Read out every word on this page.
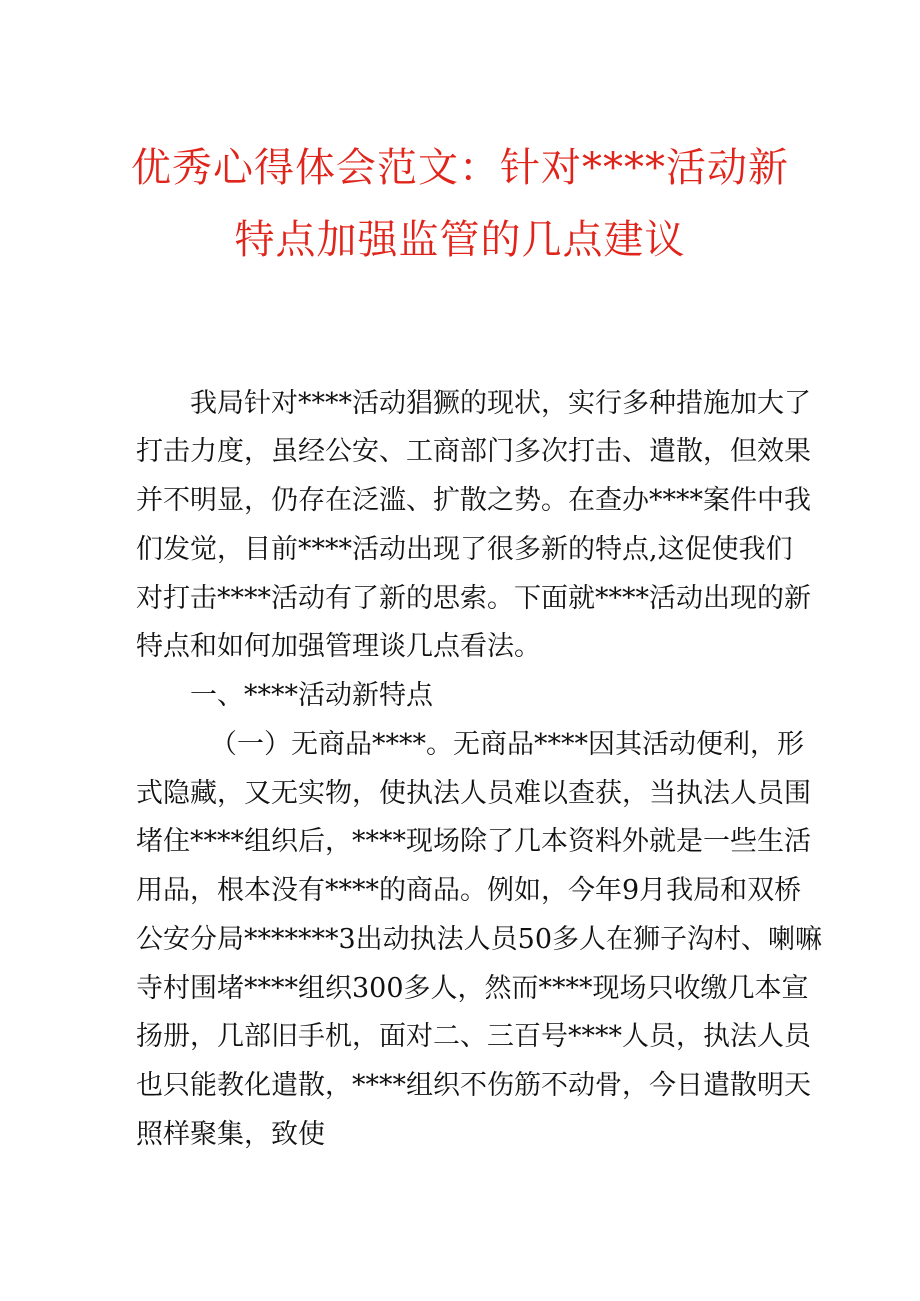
优秀心得体会范文：针对****活动新
特点加强监管的几点建议
我局针对****活动猖獗的现状，实行多种措施加大了
打击力度，虽经公安、工商部门多次打击、遣散，但效果
并不明显，仍存在泛滥、扩散之势。在查办****案件中我
们发觉，目前****活动出现了很多新的特点,这促使我们
对打击****活动有了新的思索。下面就****活动出现的新
特点和如何加强管理谈几点看法。
一、****活动新特点
（一）无商品****。无商品****因其活动便利，形
式隐藏，又无实物，使执法人员难以查获，当执法人员围
堵住****组织后，****现场除了几本资料外就是一些生活
用品，根本没有****的商品。例如，今年9月我局和双桥
公安分局*******3出动执法人员50多人在狮子沟村、喇嘛
寺村围堵****组织300多人，然而****现场只收缴几本宣
扬册，几部旧手机，面对二、三百号****人员，执法人员
也只能教化遣散，****组织不伤筋不动骨，今日遣散明天
照样聚集，致使
